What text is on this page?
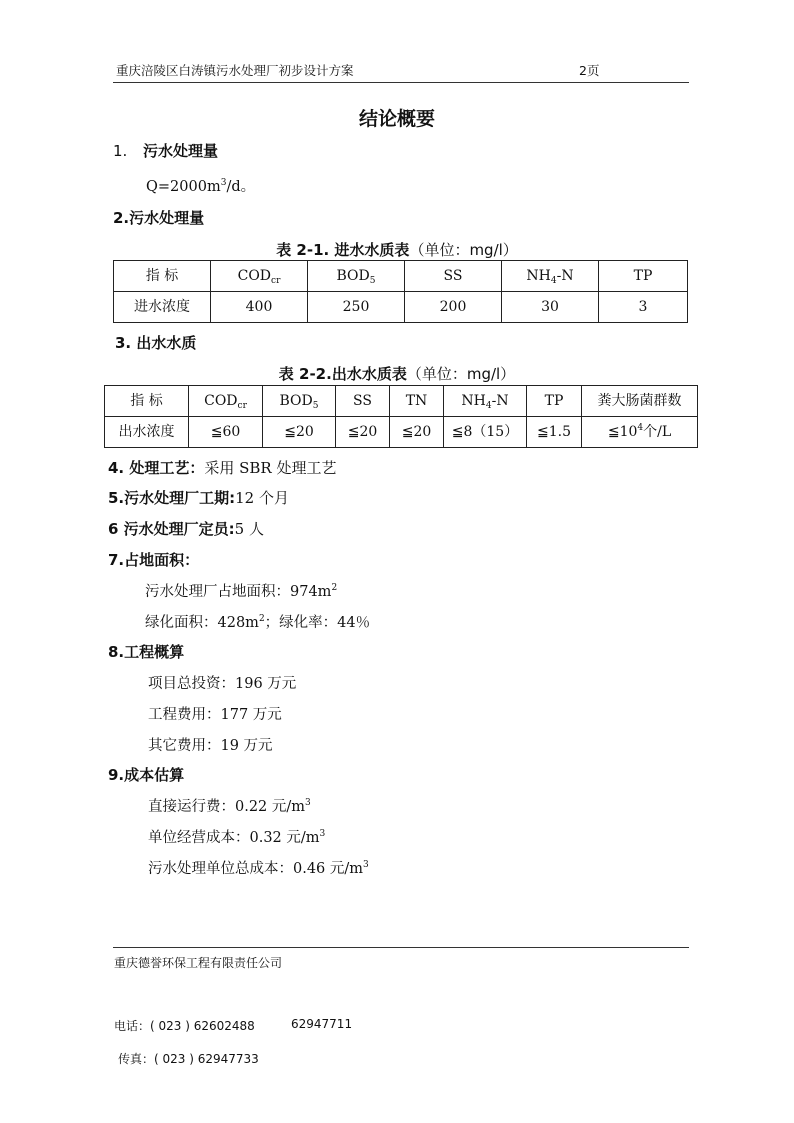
重庆涪陵区白涛镇污水处理厂初步设计方案	2页
结论概要
1. 污水处理量
$Q=2000m^3/d$。
2.污水处理量
表 2-1. 进水水质表（单位：mg/l）
指 标	$COD_{cr}$	$BOD_5$	SS	$NH_4-N$	TP
进水浓度	400	250	200	30	3
3. 出水水质
表 2-2.出水水质表（单位：mg/l）
指 标	$COD_{cr}$	$BOD_5$	SS	TN	$NH_4-N$	TP	粪大肠菌群数
出水浓度	≦60	≦20	≦20	≦20	≦8（15）	≦1.5	$≦10^4$个/L
4. 处理工艺：采用 SBR 处理工艺
5.污水处理厂工期:12 个月
6 污水处理厂定员:5 人
7.占地面积：
污水处理厂占地面积：$974m^2$
绿化面积：$428m^2$；绿化率：44％
8.工程概算
项目总投资：196 万元
工程费用：177 万元
其它费用：19 万元
9.成本估算
直接运行费：0.22 元$/m^3$
单位经营成本：0.32 元$/m^3$
污水处理单位总成本：0.46 元$/m^3$
重庆德誉环保工程有限责任公司
电话：( 023 ) 62602488	62947711
传真：( 023 ) 62947733
